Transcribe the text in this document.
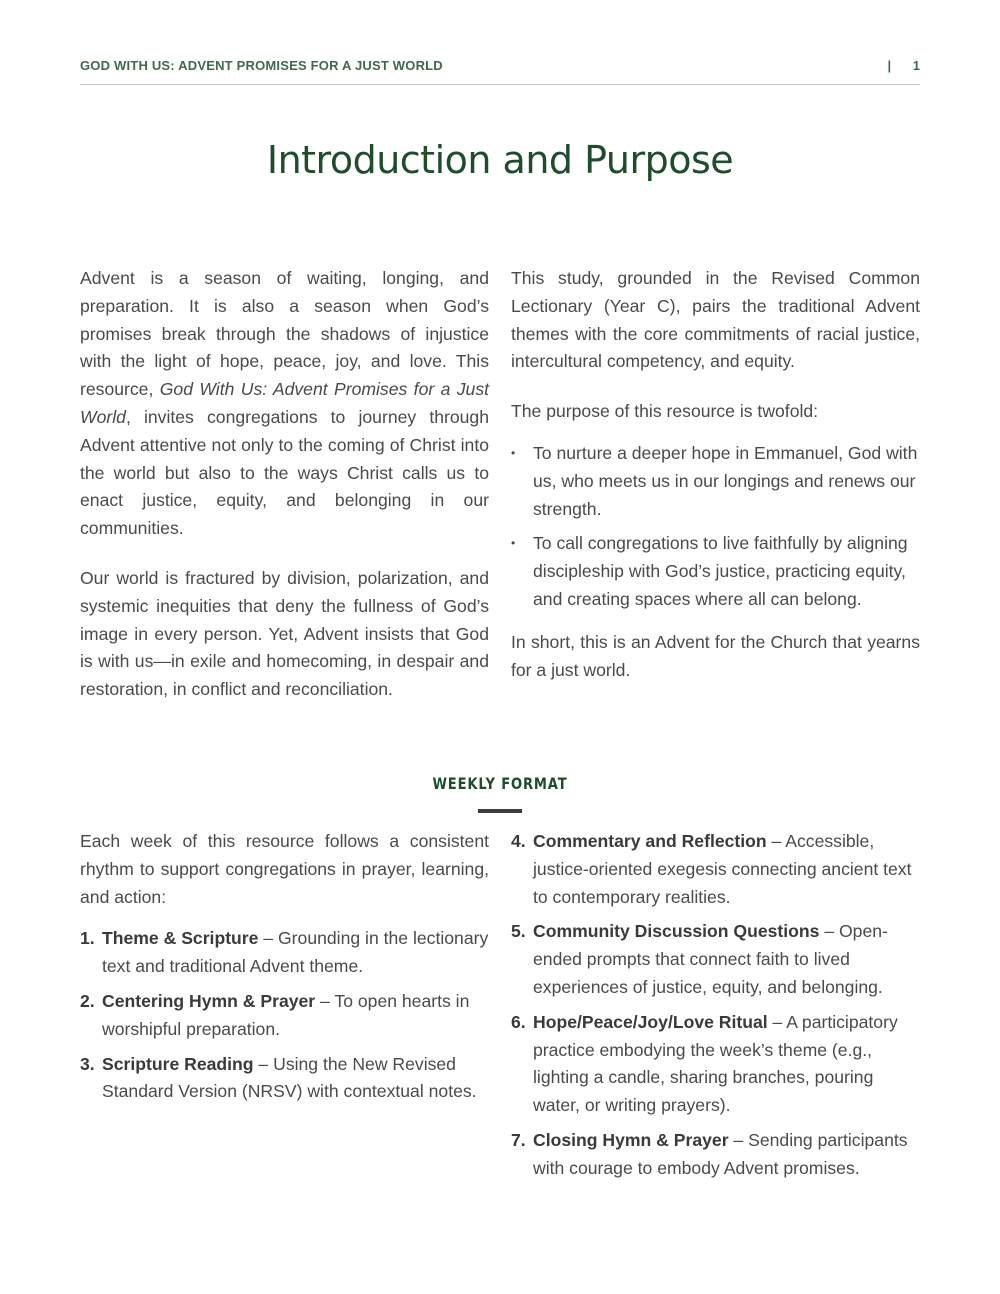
GOD WITH US: ADVENT PROMISES FOR A JUST WORLD	| 1
Introduction and Purpose

Advent is a season of waiting, longing, and preparation. It is also a season when God’s promises break through the shadows of injustice with the light of hope, peace, joy, and love. This resource, God With Us: Advent Promises for a Just World, invites congregations to journey through Advent attentive not only to the coming of Christ into the world but also to the ways Christ calls us to enact justice, equity, and belonging in our communities.

Our world is fractured by division, polarization, and systemic inequities that deny the fullness of God’s image in every person. Yet, Advent insists that God is with us—in exile and homecoming, in despair and restoration, in conflict and reconciliation.

This study, grounded in the Revised Common Lectionary (Year C), pairs the traditional Advent themes with the core commitments of racial justice, intercultural competency, and equity.

The purpose of this resource is twofold:

• To nurture a deeper hope in Emmanuel, God with us, who meets us in our longings and renews our strength.
• To call congregations to live faithfully by aligning discipleship with God’s justice, practicing equity, and creating spaces where all can belong.

In short, this is an Advent for the Church that yearns for a just world.

WEEKLY FORMAT

Each week of this resource follows a consistent rhythm to support congregations in prayer, learning, and action:

1. Theme & Scripture – Grounding in the lectionary text and traditional Advent theme.
2. Centering Hymn & Prayer – To open hearts in worshipful preparation.
3. Scripture Reading – Using the New Revised Standard Version (NRSV) with contextual notes.
4. Commentary and Reflection – Accessible, justice-oriented exegesis connecting ancient text to contemporary realities.
5. Community Discussion Questions – Open-ended prompts that connect faith to lived experiences of justice, equity, and belonging.
6. Hope/Peace/Joy/Love Ritual – A participatory practice embodying the week’s theme (e.g., lighting a candle, sharing branches, pouring water, or writing prayers).
7. Closing Hymn & Prayer – Sending participants with courage to embody Advent promises.
